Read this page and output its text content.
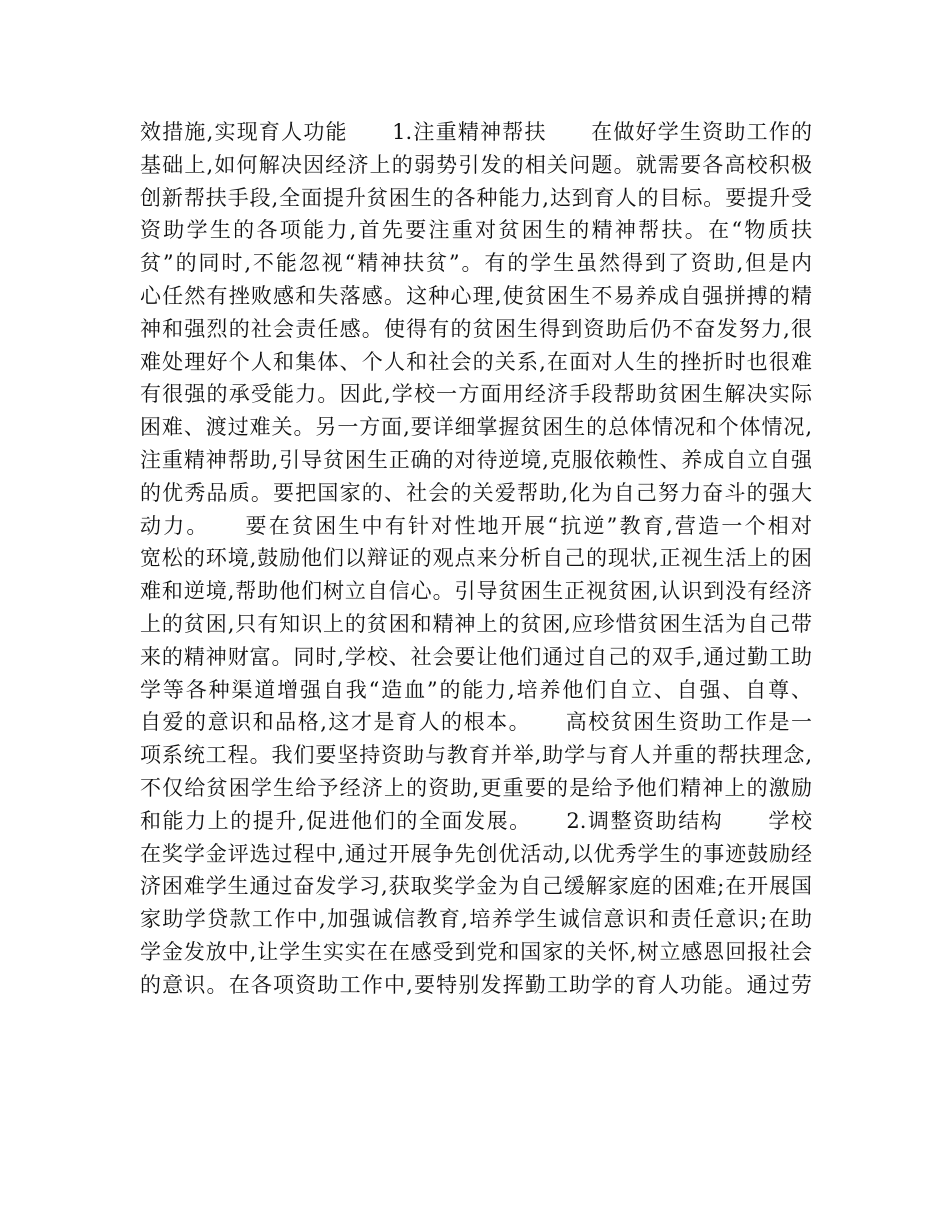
效措施,实现育人功能　　1.注重精神帮扶　　在做好学生资助工作的
基础上,如何解决因经济上的弱势引发的相关问题。就需要各高校积极
创新帮扶手段,全面提升贫困生的各种能力,达到育人的目标。要提升受
资助学生的各项能力,首先要注重对贫困生的精神帮扶。在“物质扶
贫”的同时,不能忽视“精神扶贫”。有的学生虽然得到了资助,但是内
心任然有挫败感和失落感。这种心理,使贫困生不易养成自强拼搏的精
神和强烈的社会责任感。使得有的贫困生得到资助后仍不奋发努力,很
难处理好个人和集体、个人和社会的关系,在面对人生的挫折时也很难
有很强的承受能力。因此,学校一方面用经济手段帮助贫困生解决实际
困难、渡过难关。另一方面,要详细掌握贫困生的总体情况和个体情况,
注重精神帮助,引导贫困生正确的对待逆境,克服依赖性、养成自立自强
的优秀品质。要把国家的、社会的关爱帮助,化为自己努力奋斗的强大
动力。　　要在贫困生中有针对性地开展“抗逆”教育,营造一个相对
宽松的环境,鼓励他们以辩证的观点来分析自己的现状,正视生活上的困
难和逆境,帮助他们树立自信心。引导贫困生正视贫困,认识到没有经济
上的贫困,只有知识上的贫困和精神上的贫困,应珍惜贫困生活为自己带
来的精神财富。同时,学校、社会要让他们通过自己的双手,通过勤工助
学等各种渠道增强自我“造血”的能力,培养他们自立、自强、自尊、
自爱的意识和品格,这才是育人的根本。　　高校贫困生资助工作是一
项系统工程。我们要坚持资助与教育并举,助学与育人并重的帮扶理念,
不仅给贫困学生给予经济上的资助,更重要的是给予他们精神上的激励
和能力上的提升,促进他们的全面发展。　　2.调整资助结构　　学校
在奖学金评选过程中,通过开展争先创优活动,以优秀学生的事迹鼓励经
济困难学生通过奋发学习,获取奖学金为自己缓解家庭的困难;在开展国
家助学贷款工作中,加强诚信教育,培养学生诚信意识和责任意识;在助
学金发放中,让学生实实在在感受到党和国家的关怀,树立感恩回报社会
的意识。在各项资助工作中,要特别发挥勤工助学的育人功能。通过劳
